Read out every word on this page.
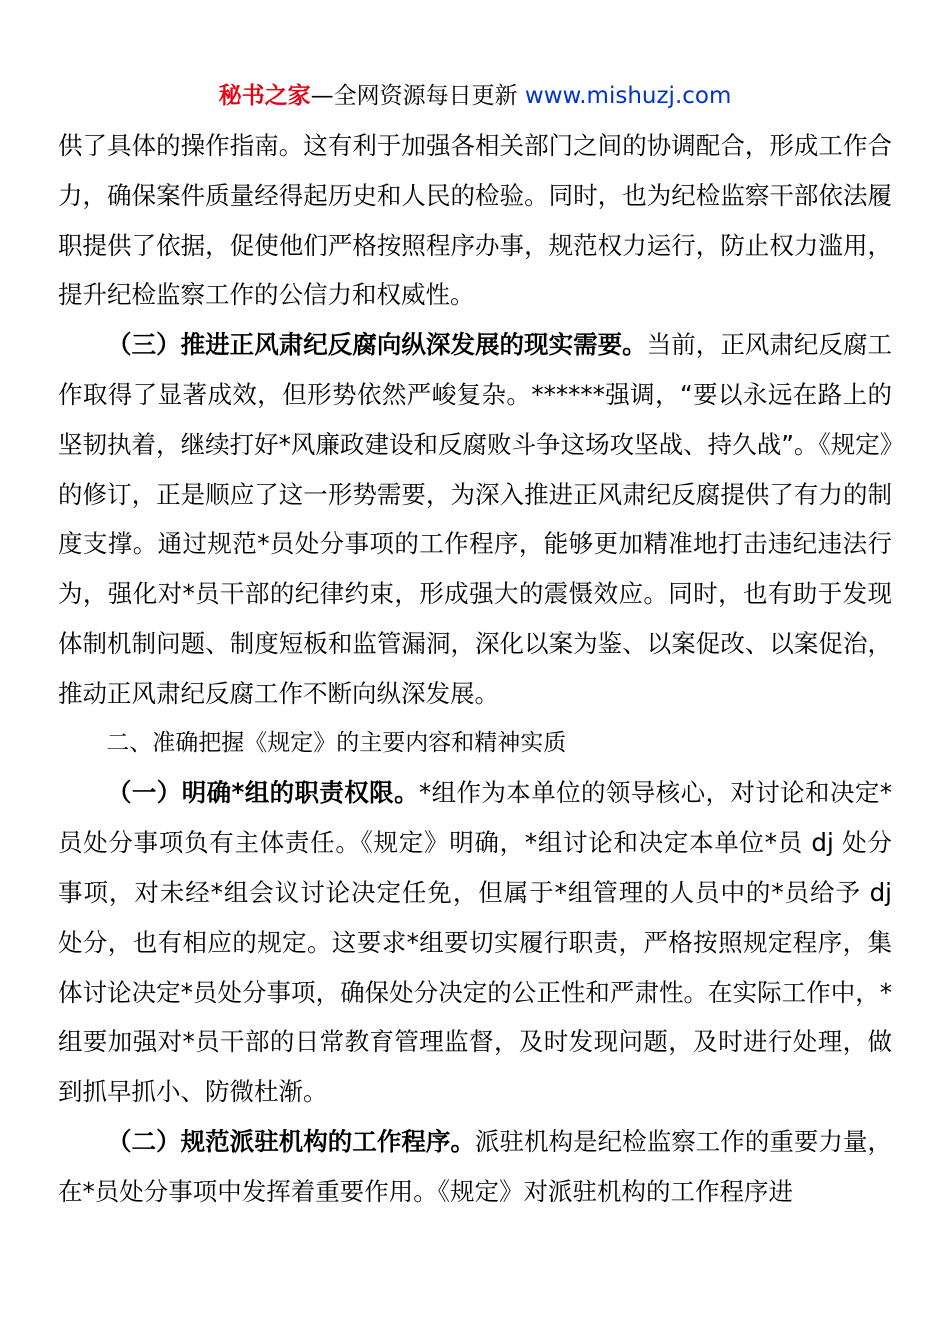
秘书之家—全网资源每日更新 www.mishuzj.com

供了具体的操作指南。这有利于加强各相关部门之间的协调配合，形成工作合力，确保案件质量经得起历史和人民的检验。同时，也为纪检监察干部依法履职提供了依据，促使他们严格按照程序办事，规范权力运行，防止权力滥用，提升纪检监察工作的公信力和权威性。

（三）推进正风肃纪反腐向纵深发展的现实需要。当前，正风肃纪反腐工作取得了显著成效，但形势依然严峻复杂。******强调，“要以永远在路上的坚韧执着，继续打好*风廉政建设和反腐败斗争这场攻坚战、持久战”。《规定》的修订，正是顺应了这一形势需要，为深入推进正风肃纪反腐提供了有力的制度支撑。通过规范*员处分事项的工作程序，能够更加精准地打击违纪违法行为，强化对*员干部的纪律约束，形成强大的震慑效应。同时，也有助于发现体制机制问题、制度短板和监管漏洞，深化以案为鉴、以案促改、以案促治，推动正风肃纪反腐工作不断向纵深发展。

二、准确把握《规定》的主要内容和精神实质

（一）明确*组的职责权限。*组作为本单位的领导核心，对讨论和决定*员处分事项负有主体责任。《规定》明确，*组讨论和决定本单位*员 dj 处分事项，对未经*组会议讨论决定任免，但属于*组管理的人员中的*员给予 dj 处分，也有相应的规定。这要求*组要切实履行职责，严格按照规定程序，集体讨论决定*员处分事项，确保处分决定的公正性和严肃性。在实际工作中，*组要加强对*员干部的日常教育管理监督，及时发现问题，及时进行处理，做到抓早抓小、防微杜渐。

（二）规范派驻机构的工作程序。派驻机构是纪检监察工作的重要力量，在*员处分事项中发挥着重要作用。《规定》对派驻机构的工作程序进
